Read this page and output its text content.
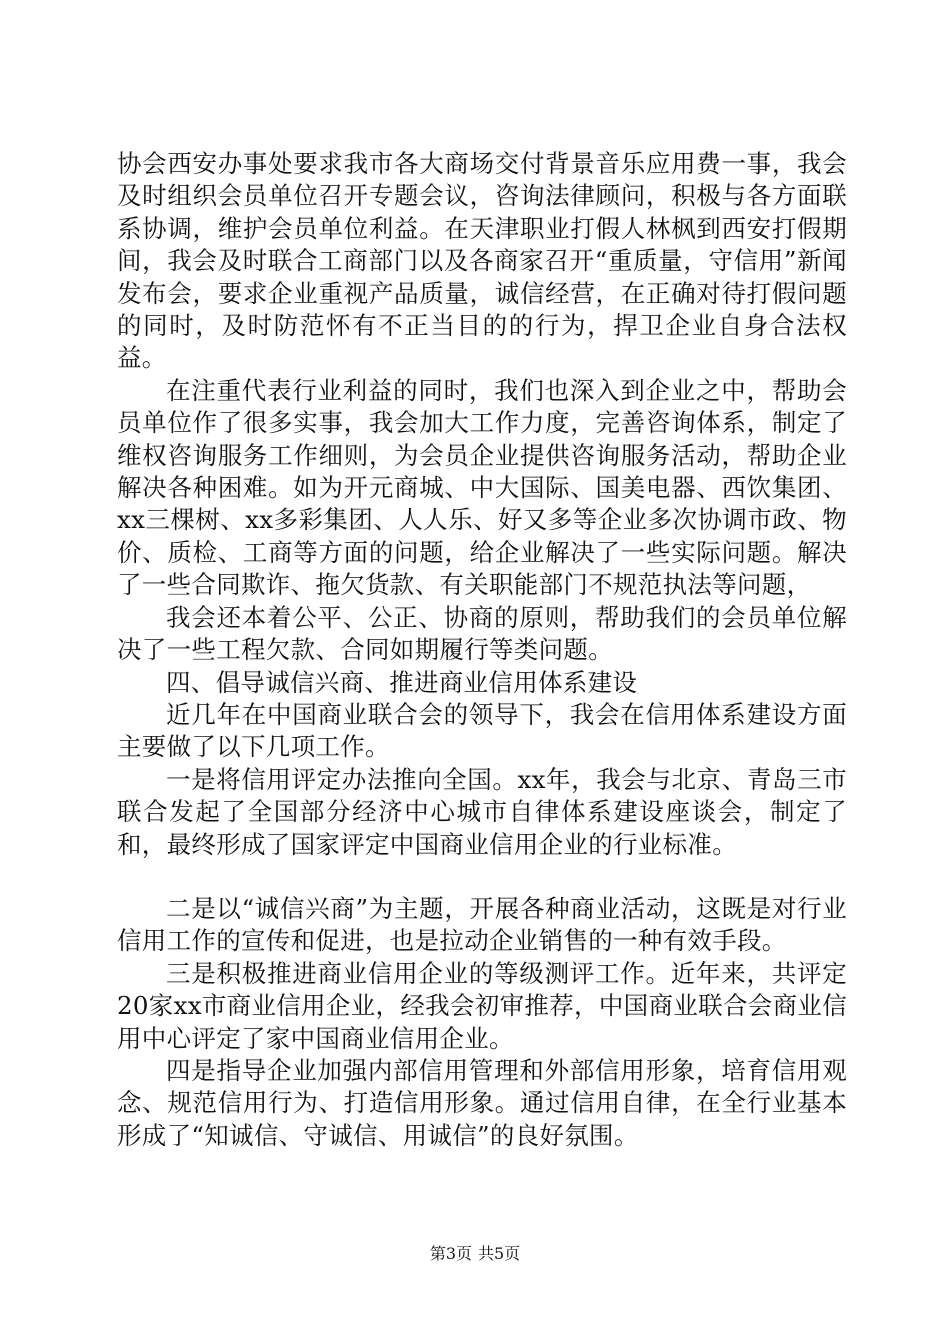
协会西安办事处要求我市各大商场交付背景音乐应用费一事，我会及时组织会员单位召开专题会议，咨询法律顾问，积极与各方面联系协调，维护会员单位利益。在天津职业打假人林枫到西安打假期间，我会及时联合工商部门以及各商家召开“重质量，守信用”新闻发布会，要求企业重视产品质量，诚信经营，在正确对待打假问题的同时，及时防范怀有不正当目的的行为，捍卫企业自身合法权益。

在注重代表行业利益的同时，我们也深入到企业之中，帮助会员单位作了很多实事，我会加大工作力度，完善咨询体系，制定了维权咨询服务工作细则，为会员企业提供咨询服务活动，帮助企业解决各种困难。如为开元商城、中大国际、国美电器、西饮集团、xx三棵树、xx多彩集团、人人乐、好又多等企业多次协调市政、物价、质检、工商等方面的问题，给企业解决了一些实际问题。解决了一些合同欺诈、拖欠货款、有关职能部门不规范执法等问题，

我会还本着公平、公正、协商的原则，帮助我们的会员单位解决了一些工程欠款、合同如期履行等类问题。

四、倡导诚信兴商、推进商业信用体系建设

近几年在中国商业联合会的领导下，我会在信用体系建设方面主要做了以下几项工作。

一是将信用评定办法推向全国。xx年，我会与北京、青岛三市联合发起了全国部分经济中心城市自律体系建设座谈会，制定了和，最终形成了国家评定中国商业信用企业的行业标准。

二是以“诚信兴商”为主题，开展各种商业活动，这既是对行业信用工作的宣传和促进，也是拉动企业销售的一种有效手段。

三是积极推进商业信用企业的等级测评工作。近年来，共评定20家xx市商业信用企业，经我会初审推荐，中国商业联合会商业信用中心评定了家中国商业信用企业。

四是指导企业加强内部信用管理和外部信用形象，培育信用观念、规范信用行为、打造信用形象。通过信用自律，在全行业基本形成了“知诚信、守诚信、用诚信”的良好氛围。

第3页 共5页
